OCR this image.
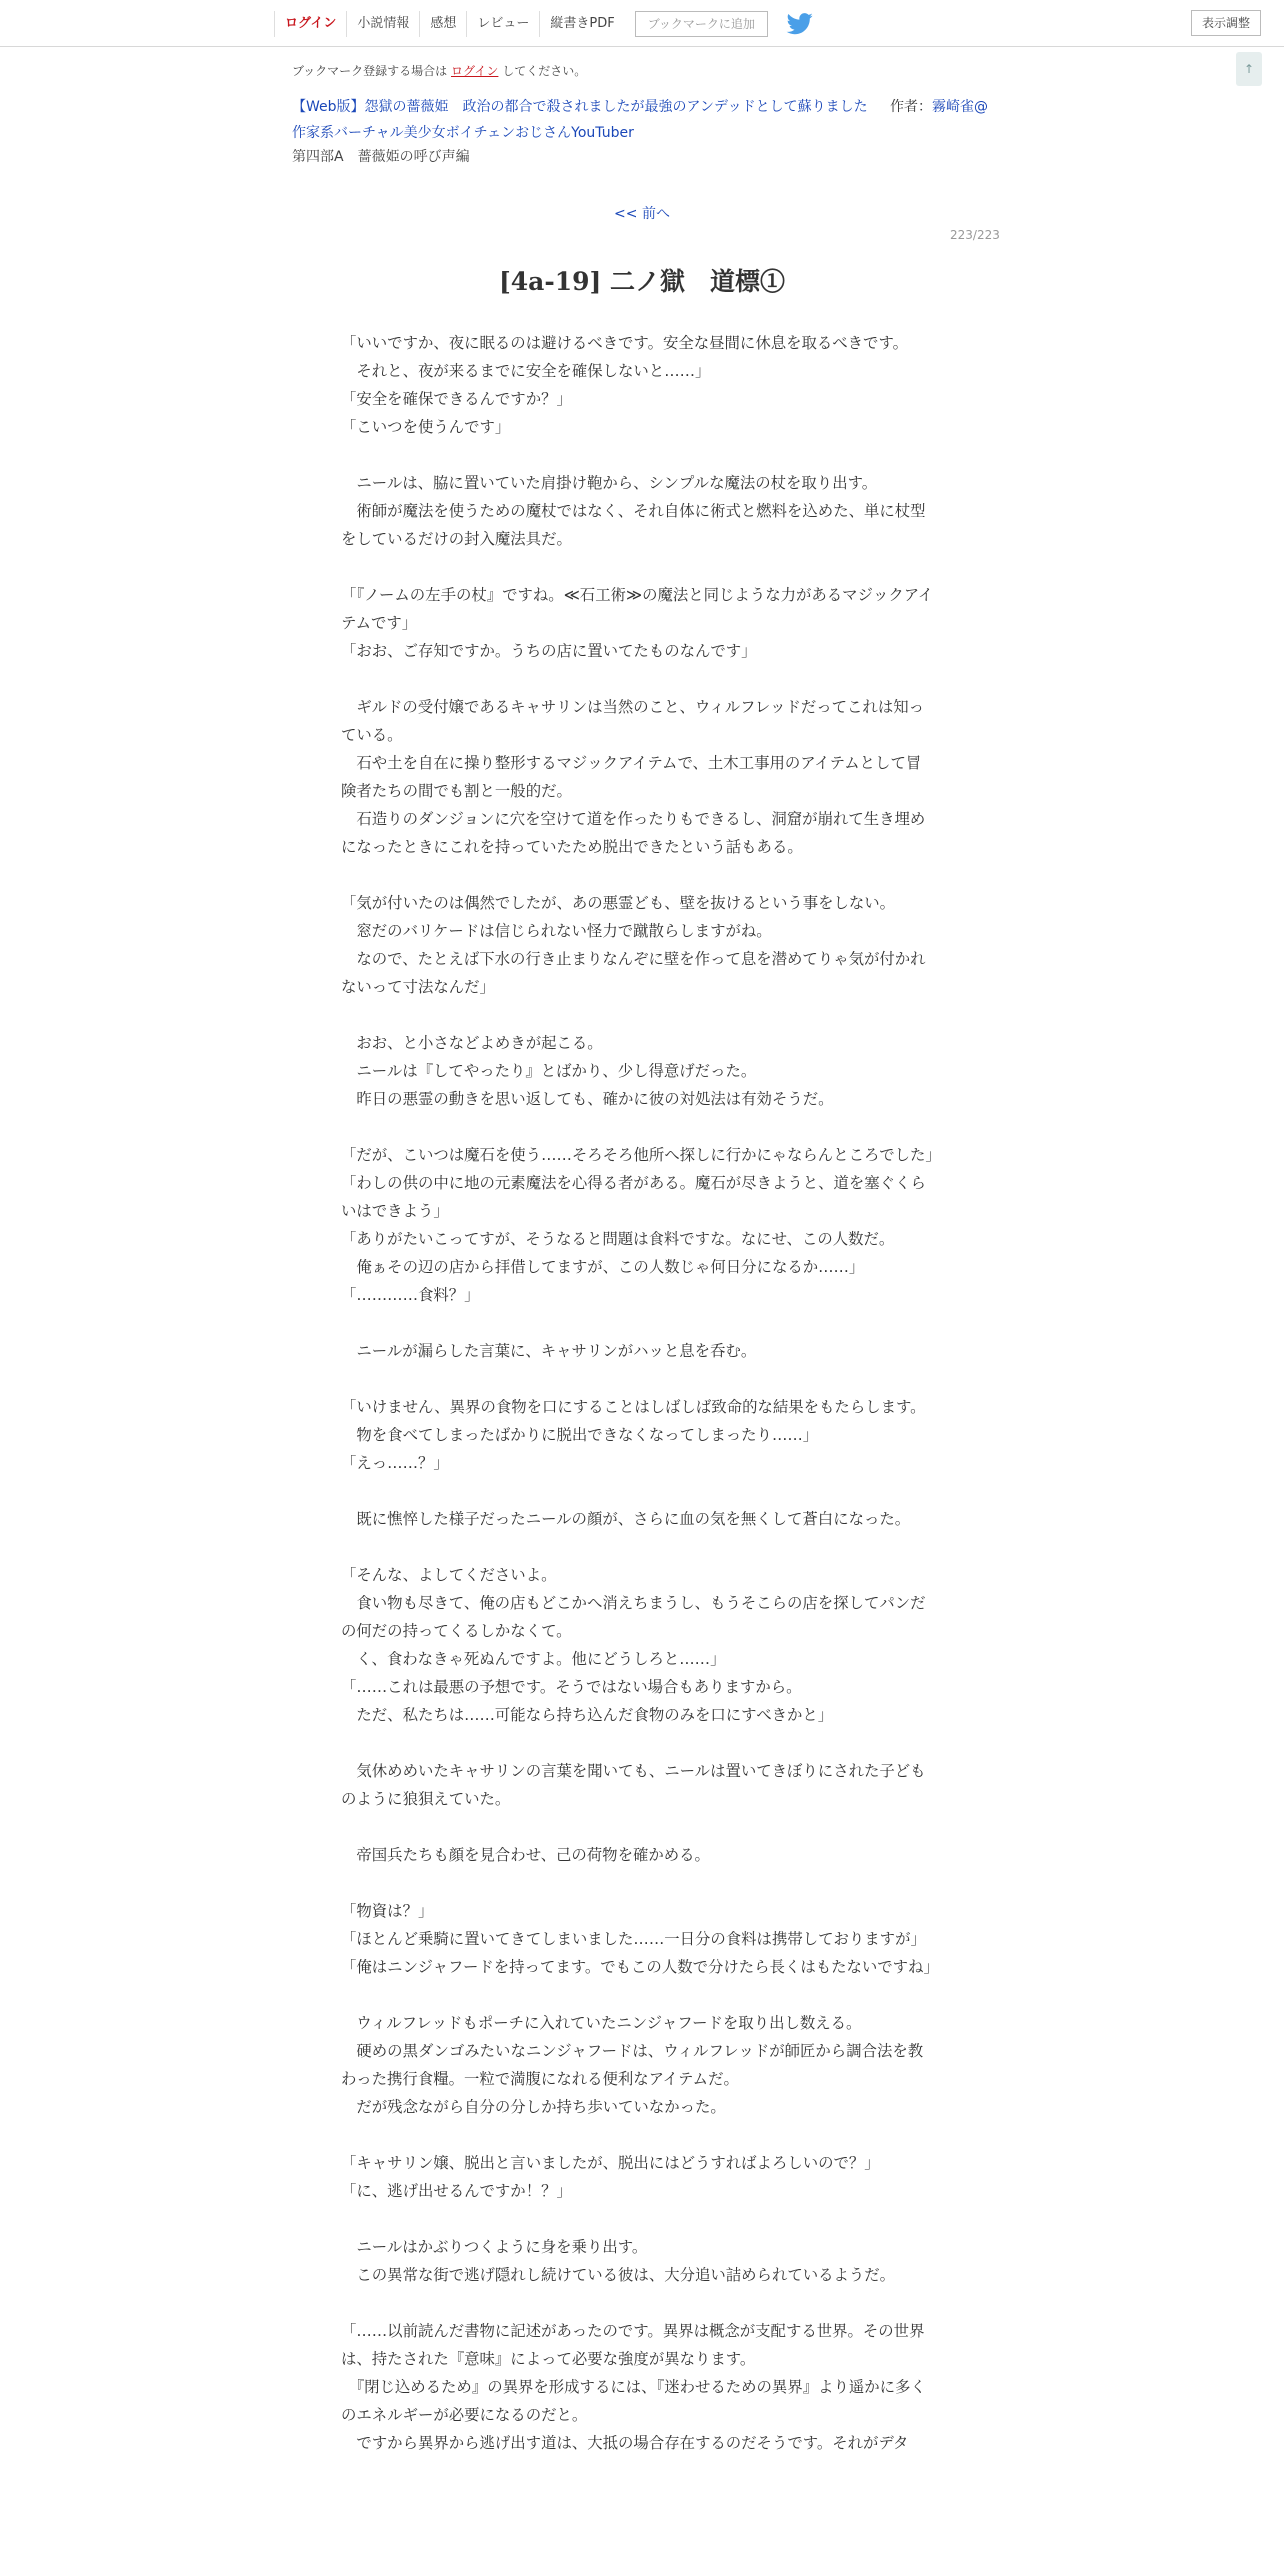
ログイン	小説情報	感想	レビュー	縦書きPDF	ブックマークに追加	表示調整
↑
ブックマーク登録する場合は ログイン してください。
【Web版】怨獄の薔薇姫　政治の都合で殺されましたが最強のアンデッドとして蘇りました 作者：霧崎雀@
作家系バーチャル美少女ボイチェンおじさんYouTuber
第四部A　薔薇姫の呼び声編
<< 前へ
223/223
[4a-19] 二ノ獄　道標①

「いいですか、夜に眠るのは避けるべきです。安全な昼間に休息を取るべきです。

　それと、夜が来るまでに安全を確保しないと……」

「安全を確保できるんですか？」

「こいつを使うんです」

　ニールは、脇に置いていた肩掛け鞄から、シンプルな魔法の杖を取り出す。

　術師が魔法を使うための魔杖ではなく、それ自体に術式と燃料を込めた、単に杖型をしているだけの封入魔法具だ。

「『ノームの左手の杖』ですね。≪石工術≫の魔法と同じような力があるマジックアイテムです」

「おお、ご存知ですか。うちの店に置いてたものなんです」

　ギルドの受付嬢であるキャサリンは当然のこと、ウィルフレッドだってこれは知っている。

　石や土を自在に操り整形するマジックアイテムで、土木工事用のアイテムとして冒険者たちの間でも割と一般的だ。

　石造りのダンジョンに穴を空けて道を作ったりもできるし、洞窟が崩れて生き埋めになったときにこれを持っていたため脱出できたという話もある。

「気が付いたのは偶然でしたが、あの悪霊ども、壁を抜けるという事をしない。

　窓だのバリケードは信じられない怪力で蹴散らしますがね。

　なので、たとえば下水の行き止まりなんぞに壁を作って息を潜めてりゃ気が付かれないって寸法なんだ」

　おお、と小さなどよめきが起こる。

　ニールは『してやったり』とばかり、少し得意げだった。

　昨日の悪霊の動きを思い返しても、確かに彼の対処法は有効そうだ。

「だが、こいつは魔石を使う……そろそろ他所へ探しに行かにゃならんところでした」

「わしの供の中に地の元素魔法を心得る者がある。魔石が尽きようと、道を塞ぐくらいはできよう」

「ありがたいこってすが、そうなると問題は食料ですな。なにせ、この人数だ。

　俺ぁその辺の店から拝借してますが、この人数じゃ何日分になるか……」

「…………食料？」

　ニールが漏らした言葉に、キャサリンがハッと息を呑む。

「いけません、異界の食物を口にすることはしばしば致命的な結果をもたらします。

　物を食べてしまったばかりに脱出できなくなってしまったり……」

「えっ……？」

　既に憔悴した様子だったニールの顔が、さらに血の気を無くして蒼白になった。

「そんな、よしてくださいよ。

　食い物も尽きて、俺の店もどこかへ消えちまうし、もうそこらの店を探してパンだの何だの持ってくるしかなくて。

　く、食わなきゃ死ぬんですよ。他にどうしろと……」

「……これは最悪の予想です。そうではない場合もありますから。

　ただ、私たちは……可能なら持ち込んだ食物のみを口にすべきかと」

　気休めめいたキャサリンの言葉を聞いても、ニールは置いてきぼりにされた子どものように狼狽えていた。

　帝国兵たちも顔を見合わせ、己の荷物を確かめる。

「物資は？」

「ほとんど乗騎に置いてきてしまいました……一日分の食料は携帯しておりますが」

「俺はニンジャフードを持ってます。でもこの人数で分けたら長くはもたないですね」

　ウィルフレッドもポーチに入れていたニンジャフードを取り出し数える。

　硬めの黒ダンゴみたいなニンジャフードは、ウィルフレッドが師匠から調合法を教わった携行食糧。一粒で満腹になれる便利なアイテムだ。

　だが残念ながら自分の分しか持ち歩いていなかった。

「キャサリン嬢、脱出と言いましたが、脱出にはどうすればよろしいので？」

「に、逃げ出せるんですか！？」

　ニールはかぶりつくように身を乗り出す。

　この異常な街で逃げ隠れし続けている彼は、大分追い詰められているようだ。

「……以前読んだ書物に記述があったのです。異界は概念が支配する世界。その世界は、持たされた『意味』によって必要な強度が異なります。

　『閉じ込めるため』の異界を形成するには、『迷わせるための異界』より遥かに多くのエネルギーが必要になるのだと。

　ですから異界から逃げ出す道は、大抵の場合存在するのだそうです。それがデタ
